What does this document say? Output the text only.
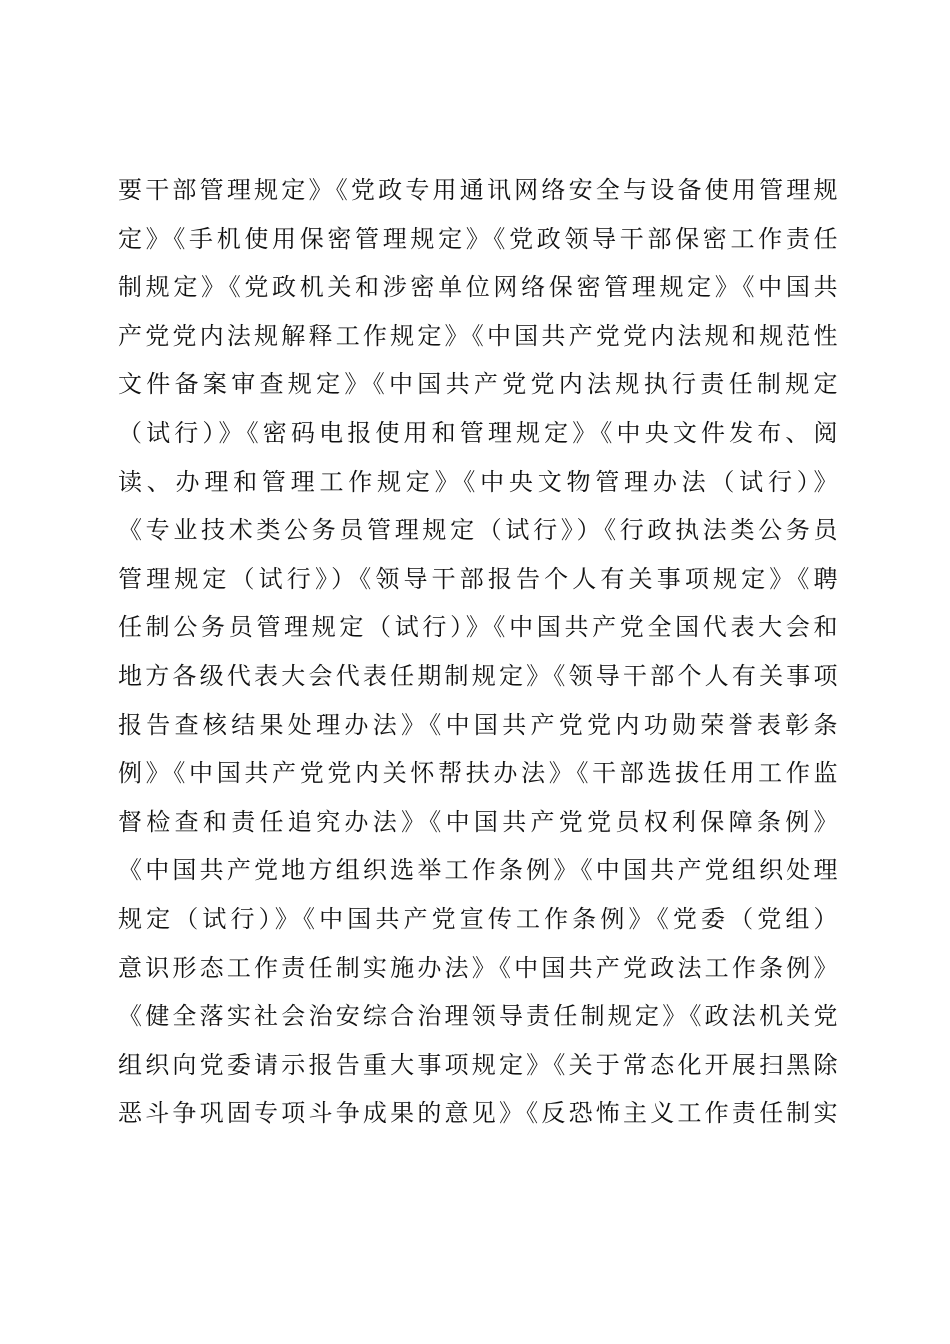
要干部管理规定》《党政专用通讯网络安全与设备使用管理规
定》《手机使用保密管理规定》《党政领导干部保密工作责任
制规定》《党政机关和涉密单位网络保密管理规定》《中国共
产党党内法规解释工作规定》《中国共产党党内法规和规范性
文件备案审查规定》《中国共产党党内法规执行责任制规定
（试行）》《密码电报使用和管理规定》《中央文件发布、阅
读、办理和管理工作规定》《中央文物管理办法（试行）》
《专业技术类公务员管理规定（试行》）《行政执法类公务员
管理规定（试行》）《领导干部报告个人有关事项规定》《聘
任制公务员管理规定（试行）》《中国共产党全国代表大会和
地方各级代表大会代表任期制规定》《领导干部个人有关事项
报告查核结果处理办法》《中国共产党党内功勋荣誉表彰条
例》《中国共产党党内关怀帮扶办法》《干部选拔任用工作监
督检查和责任追究办法》《中国共产党党员权利保障条例》
《中国共产党地方组织选举工作条例》《中国共产党组织处理
规定（试行）》《中国共产党宣传工作条例》《党委（党组）
意识形态工作责任制实施办法》《中国共产党政法工作条例》
《健全落实社会治安综合治理领导责任制规定》《政法机关党
组织向党委请示报告重大事项规定》《关于常态化开展扫黑除
恶斗争巩固专项斗争成果的意见》《反恐怖主义工作责任制实
